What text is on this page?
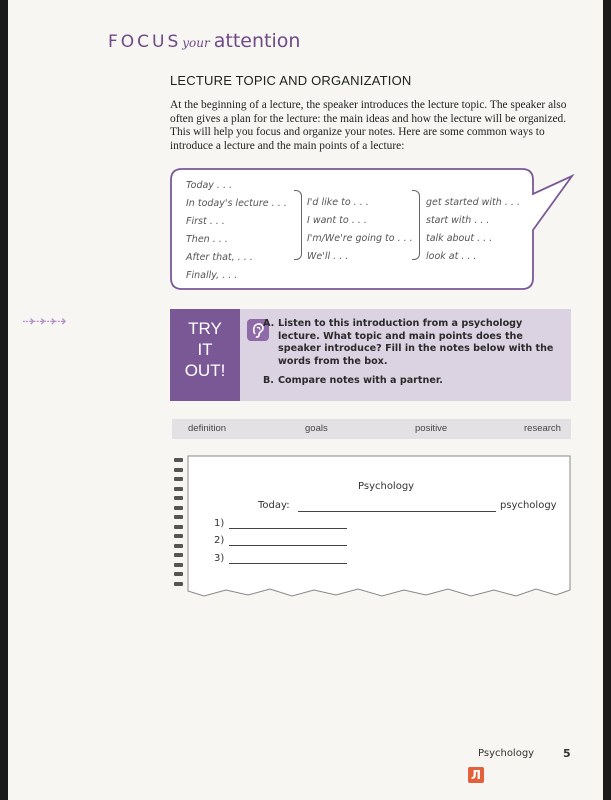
FOCUSyour attention
LECTURE TOPIC AND ORGANIZATION
At the beginning of a lecture, the speaker introduces the lecture topic. The speaker also often gives a plan for the lecture: the main ideas and how the lecture will be organized. This will help you focus and organize your notes. Here are some common ways to introduce a lecture and the main points of a lecture:
Today . . .
In today's lecture . . .
First . . .
Then . . .
After that, . . .
Finally, . . .
I'd like to . . .
I want to . . .
I'm/We're going to . . .
We'll . . .
get started with . . .
start with . . .
talk about . . .
look at . . .
⇢⇢⇢⇢	TRY
IT
OUT!
A. Listen to this introduction from a psychology lecture. What topic and main points does the speaker introduce? Fill in the notes below with the words from the box.
B. Compare notes with a partner.
definition	goals	positive	research
Psychology
Today:	psychology
1)
2)
3)
Psychology	5
Л
